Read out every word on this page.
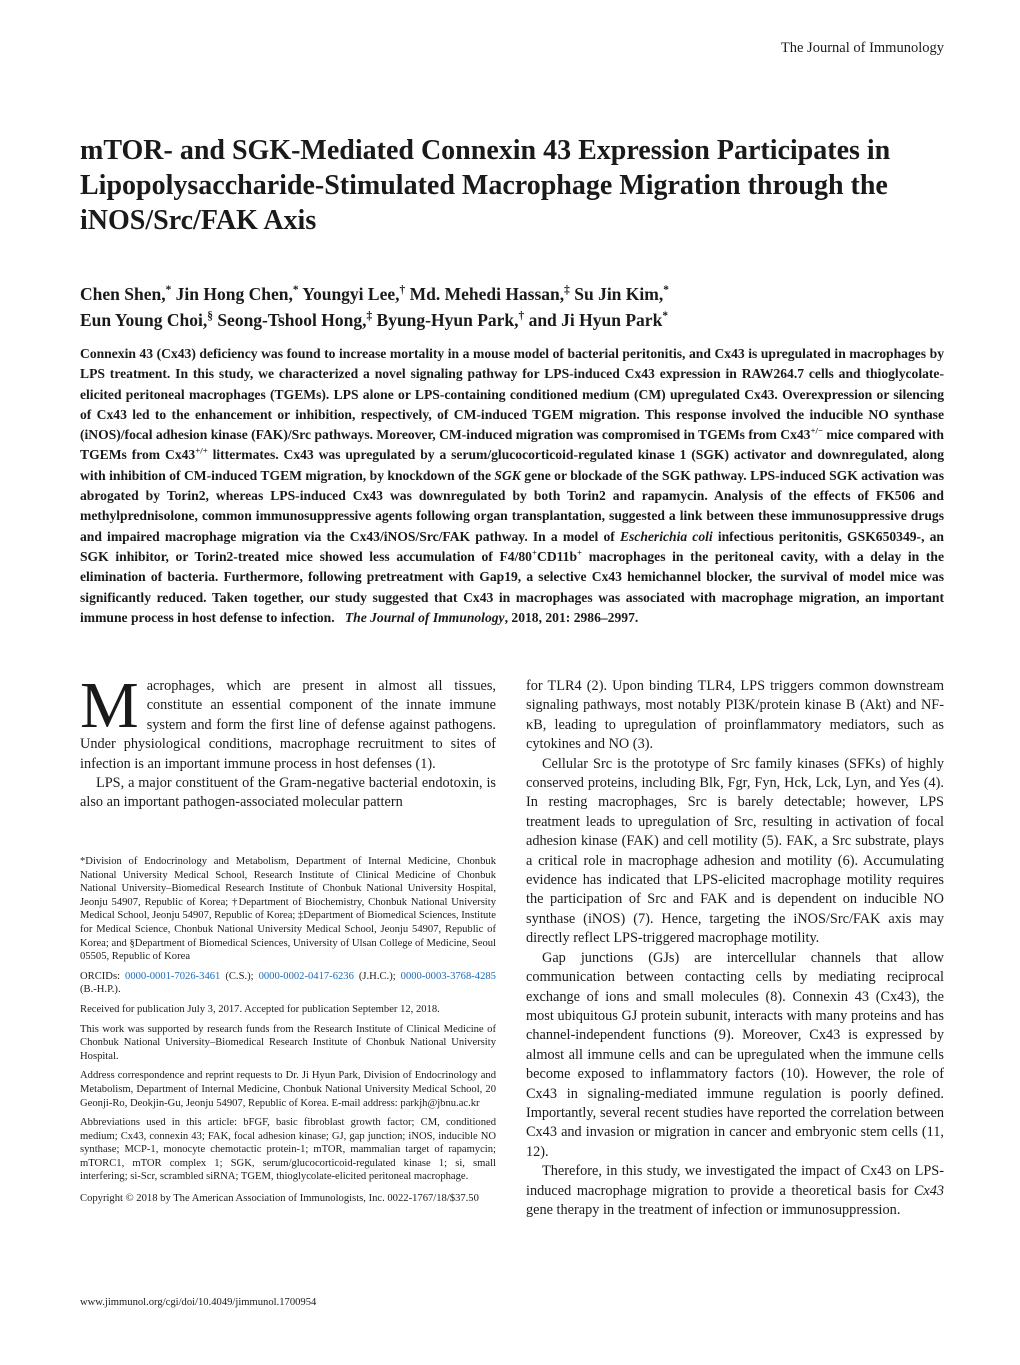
The Journal of Immunology
mTOR- and SGK-Mediated Connexin 43 Expression Participates in Lipopolysaccharide-Stimulated Macrophage Migration through the iNOS/Src/FAK Axis
Chen Shen,* Jin Hong Chen,* Youngyi Lee,† Md. Mehedi Hassan,‡ Su Jin Kim,*
Eun Young Choi,§ Seong-Tshool Hong,‡ Byung-Hyun Park,† and Ji Hyun Park*

Connexin 43 (Cx43) deficiency was found to increase mortality in a mouse model of bacterial peritonitis, and Cx43 is upregulated in macrophages by LPS treatment. In this study, we characterized a novel signaling pathway for LPS-induced Cx43 expression in RAW264.7 cells and thioglycolate-elicited peritoneal macrophages (TGEMs). LPS alone or LPS-containing conditioned medium (CM) upregulated Cx43. Overexpression or silencing of Cx43 led to the enhancement or inhibition, respectively, of CM-induced TGEM migration. This response involved the inducible NO synthase (iNOS)/focal adhesion kinase (FAK)/Src pathways. Moreover, CM-induced migration was compromised in TGEMs from Cx43+/− mice compared with TGEMs from Cx43+/+ littermates. Cx43 was upregulated by a serum/glucocorticoid-regulated kinase 1 (SGK) activator and downregulated, along with inhibition of CM-induced TGEM migration, by knockdown of the SGK gene or blockade of the SGK pathway. LPS-induced SGK activation was abrogated by Torin2, whereas LPS-induced Cx43 was downregulated by both Torin2 and rapamycin. Analysis of the effects of FK506 and methylprednisolone, common immunosuppressive agents following organ transplantation, suggested a link between these immunosuppressive drugs and impaired macrophage migration via the Cx43/iNOS/Src/FAK pathway. In a model of Escherichia coli infectious peritonitis, GSK650349-, an SGK inhibitor, or Torin2-treated mice showed less accumulation of F4/80+CD11b+ macrophages in the peritoneal cavity, with a delay in the elimination of bacteria. Furthermore, following pretreatment with Gap19, a selective Cx43 hemichannel blocker, the survival of model mice was significantly reduced. Taken together, our study suggested that Cx43 in macrophages was associated with macrophage migration, an important immune process in host defense to infection. The Journal of Immunology, 2018, 201: 2986–2997.

Macrophages, which are present in almost all tissues, constitute an essential component of the innate immune system and form the first line of defense against pathogens. Under physiological conditions, macrophage recruitment to sites of infection is an important immune process in host defenses (1).

LPS, a major constituent of the Gram-negative bacterial endotoxin, is also an important pathogen-associated molecular pattern

*Division of Endocrinology and Metabolism, Department of Internal Medicine, Chonbuk National University Medical School, Research Institute of Clinical Medicine of Chonbuk National University–Biomedical Research Institute of Chonbuk National University Hospital, Jeonju 54907, Republic of Korea; †Department of Biochemistry, Chonbuk National University Medical School, Jeonju 54907, Republic of Korea; ‡Department of Biomedical Sciences, Institute for Medical Science, Chonbuk National University Medical School, Jeonju 54907, Republic of Korea; and §Department of Biomedical Sciences, University of Ulsan College of Medicine, Seoul 05505, Republic of Korea

ORCIDs: 0000-0001-7026-3461 (C.S.); 0000-0002-0417-6236 (J.H.C.); 0000-0003-3768-4285 (B.-H.P.).

Received for publication July 3, 2017. Accepted for publication September 12, 2018.

This work was supported by research funds from the Research Institute of Clinical Medicine of Chonbuk National University–Biomedical Research Institute of Chonbuk National University Hospital.

Address correspondence and reprint requests to Dr. Ji Hyun Park, Division of Endocrinology and Metabolism, Department of Internal Medicine, Chonbuk National University Medical School, 20 Geonji-Ro, Deokjin-Gu, Jeonju 54907, Republic of Korea. E-mail address: parkjh@jbnu.ac.kr

Abbreviations used in this article: bFGF, basic fibroblast growth factor; CM, conditioned medium; Cx43, connexin 43; FAK, focal adhesion kinase; GJ, gap junction; iNOS, inducible NO synthase; MCP-1, monocyte chemotactic protein-1; mTOR, mammalian target of rapamycin; mTORC1, mTOR complex 1; SGK, serum/glucocorticoid-regulated kinase 1; si, small interfering; si-Scr, scrambled siRNA; TGEM, thioglycolate-elicited peritoneal macrophage.

Copyright © 2018 by The American Association of Immunologists, Inc. 0022-1767/18/$37.50

for TLR4 (2). Upon binding TLR4, LPS triggers common downstream signaling pathways, most notably PI3K/protein kinase B (Akt) and NF-κB, leading to upregulation of proinflammatory mediators, such as cytokines and NO (3).

Cellular Src is the prototype of Src family kinases (SFKs) of highly conserved proteins, including Blk, Fgr, Fyn, Hck, Lck, Lyn, and Yes (4). In resting macrophages, Src is barely detectable; however, LPS treatment leads to upregulation of Src, resulting in activation of focal adhesion kinase (FAK) and cell motility (5). FAK, a Src substrate, plays a critical role in macrophage adhesion and motility (6). Accumulating evidence has indicated that LPS-elicited macrophage motility requires the participation of Src and FAK and is dependent on inducible NO synthase (iNOS) (7). Hence, targeting the iNOS/Src/FAK axis may directly reflect LPS-triggered macrophage motility.

Gap junctions (GJs) are intercellular channels that allow communication between contacting cells by mediating reciprocal exchange of ions and small molecules (8). Connexin 43 (Cx43), the most ubiquitous GJ protein subunit, interacts with many proteins and has channel-independent functions (9). Moreover, Cx43 is expressed by almost all immune cells and can be upregulated when the immune cells become exposed to inflammatory factors (10). However, the role of Cx43 in signaling-mediated immune regulation is poorly defined. Importantly, several recent studies have reported the correlation between Cx43 and invasion or migration in cancer and embryonic stem cells (11, 12).

Therefore, in this study, we investigated the impact of Cx43 on LPS-induced macrophage migration to provide a theoretical basis for Cx43 gene therapy in the treatment of infection or immunosuppression.

www.jimmunol.org/cgi/doi/10.4049/jimmunol.1700954
